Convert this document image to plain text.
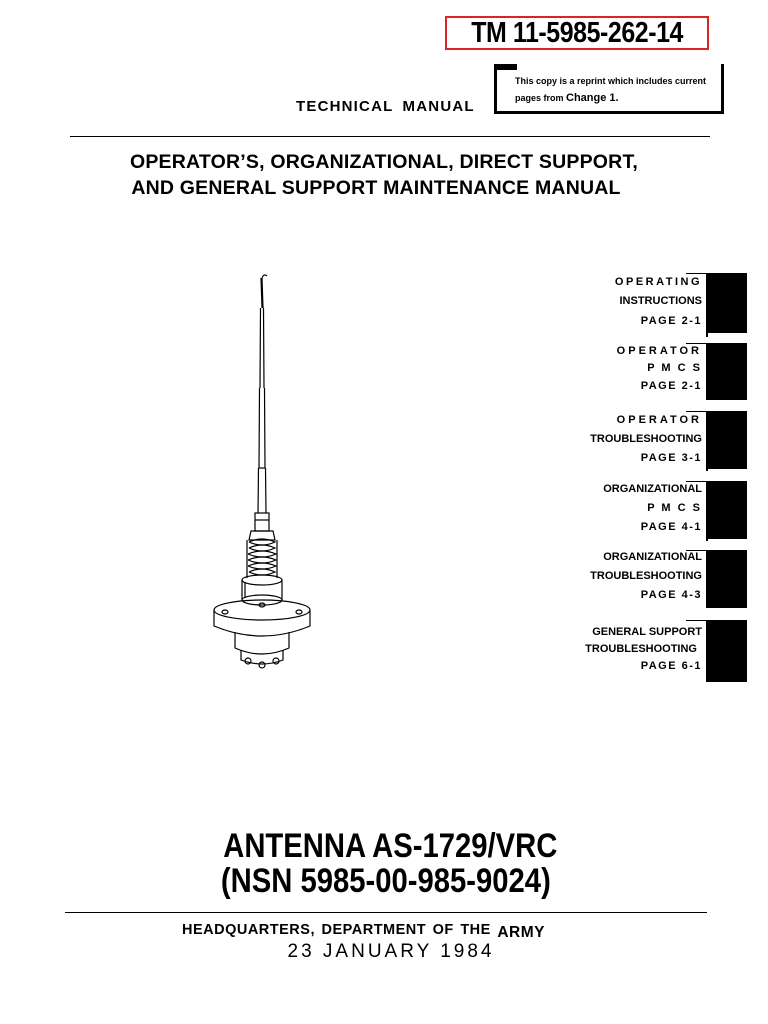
TM 11-5985-262-14
This copy is a reprint which includes current
pages from Change 1.
TECHNICAL MANUAL
OPERATOR’S, ORGANIZATIONAL, DIRECT SUPPORT,
AND GENERAL SUPPORT MAINTENANCE MANUAL
OPERATING
INSTRUCTIONS
PAGE 2-1
OPERATOR
P M C S
PAGE 2-1
OPERATOR
TROUBLESHOOTING
PAGE 3-1
ORGANIZATIONAL
P M C S
PAGE 4-1
ORGANIZATIONAL
TROUBLESHOOTING
PAGE 4-3
GENERAL SUPPORT
TROUBLESHOOTING
PAGE 6-1
ANTENNA AS-1729/VRC
(NSN 5985-00-985-9024)
HEADQUARTERS, DEPARTMENT OF THE ARMY
23 JANUARY 1984
